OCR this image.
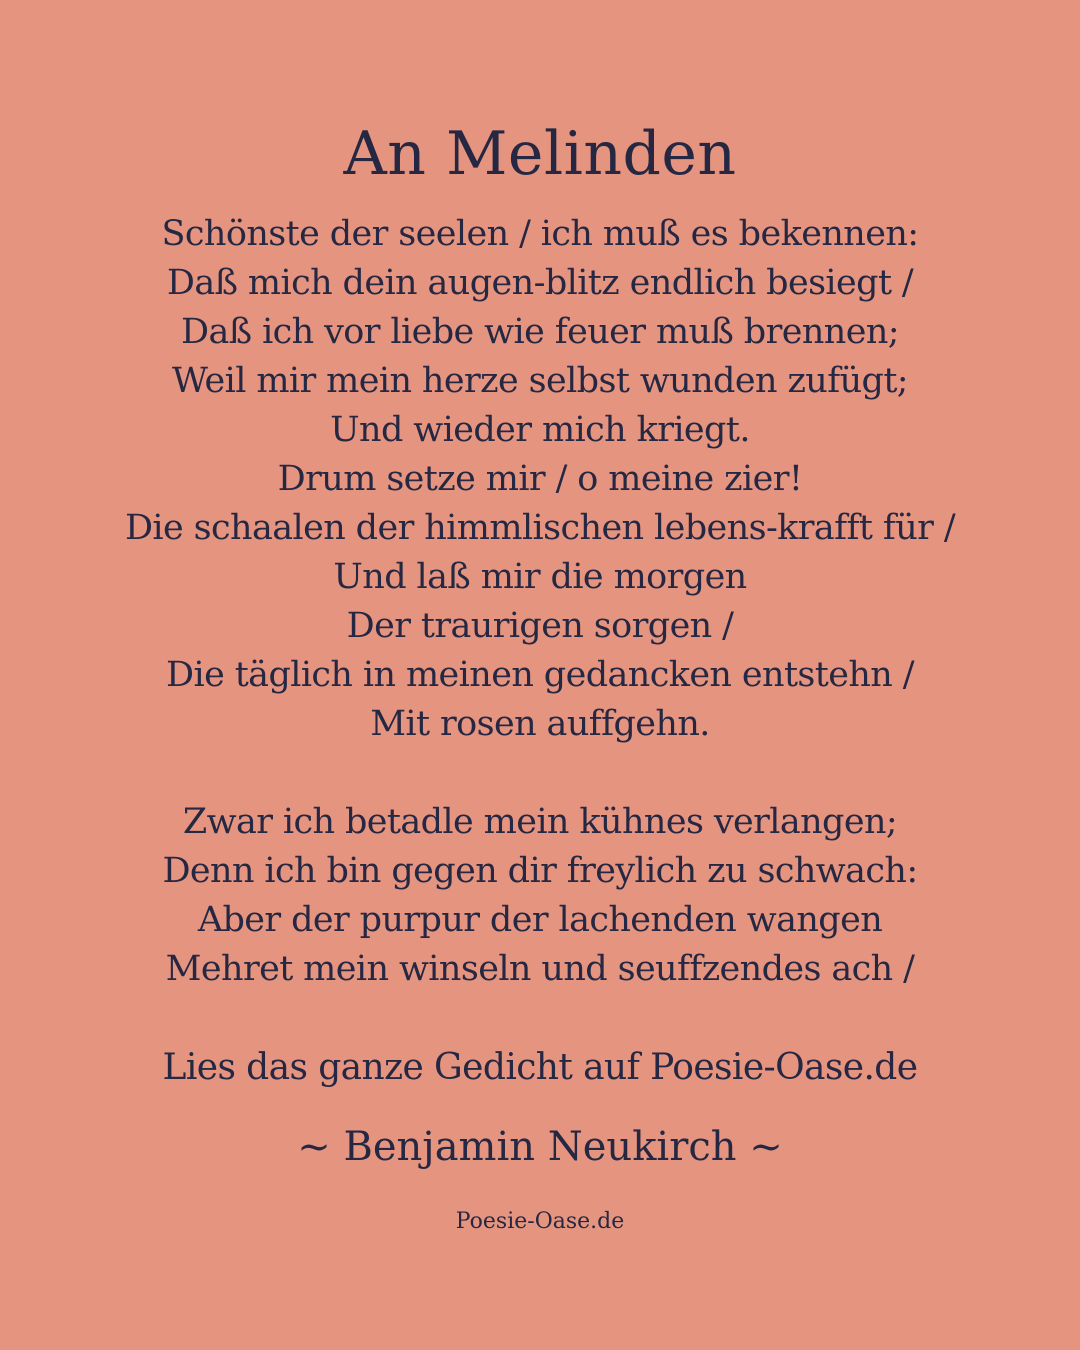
An Melinden
Schönste der seelen / ich muß es bekennen:
Daß mich dein augen-blitz endlich besiegt /
Daß ich vor liebe wie feuer muß brennen;
Weil mir mein herze selbst wunden zufügt;
Und wieder mich kriegt.
Drum setze mir / o meine zier!
Die schaalen der himmlischen lebens-krafft für /
Und laß mir die morgen
Der traurigen sorgen /
Die täglich in meinen gedancken entstehn /
Mit rosen auffgehn.
Zwar ich betadle mein kühnes verlangen;
Denn ich bin gegen dir freylich zu schwach:
Aber der purpur der lachenden wangen
Mehret mein winseln und seuffzendes ach /
Lies das ganze Gedicht auf Poesie-Oase.de
~ Benjamin Neukirch ~
Poesie-Oase.de
